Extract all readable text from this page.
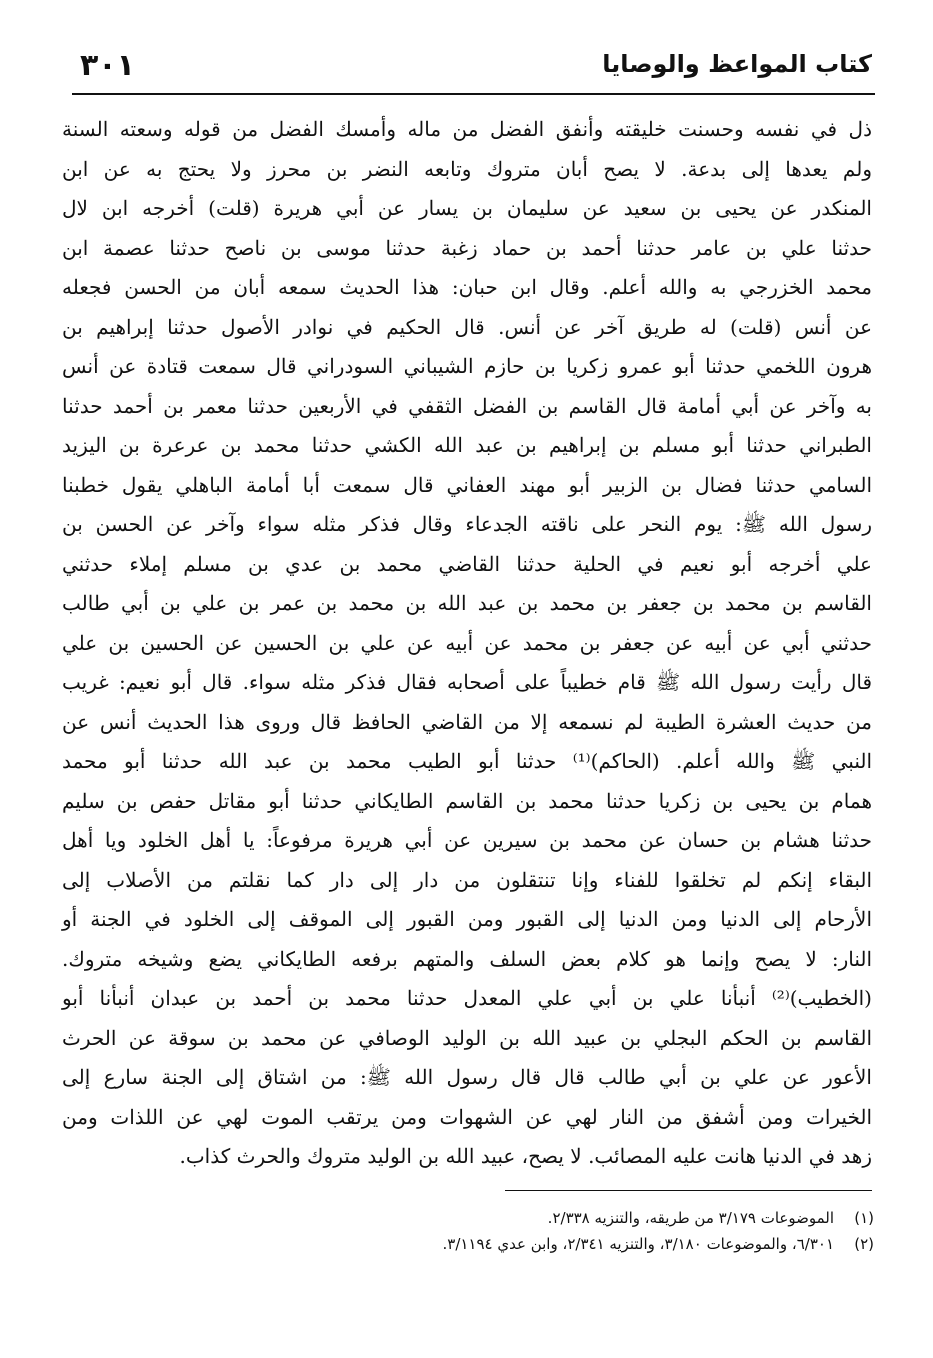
٣٠١	كتاب المواعظ والوصايا
ذل في نفسه وحسنت خليقته وأنفق الفضل من ماله وأمسك الفضل من قوله وسعته السنة
ولم يعدها إلى بدعة. لا يصح أبان متروك وتابعه النضر بن محرز ولا يحتج به عن ابن
المنكدر عن يحيى بن سعيد عن سليمان بن يسار عن أبي هريرة (قلت) أخرجه ابن لال
حدثنا علي بن عامر حدثنا أحمد بن حماد زغبة حدثنا موسى بن ناصح حدثنا عصمة ابن
محمد الخزرجي به والله أعلم. وقال ابن حبان: هذا الحديث سمعه أبان من الحسن فجعله
عن أنس (قلت) له طريق آخر عن أنس. قال الحكيم في نوادر الأصول حدثنا إبراهيم بن
هرون اللخمي حدثنا أبو عمرو زكريا بن حازم الشيباني السودراني قال سمعت قتادة عن أنس
به وآخر عن أبي أمامة قال القاسم بن الفضل الثقفي في الأربعين حدثنا معمر بن أحمد حدثنا
الطبراني حدثنا أبو مسلم بن إبراهيم بن عبد الله الكشي حدثنا محمد بن عرعرة بن اليزيد
السامي حدثنا فضال بن الزبير أبو مهند العفاني قال سمعت أبا أمامة الباهلي يقول خطبنا
رسول الله ﷺ: يوم النحر على ناقته الجدعاء وقال فذكر مثله سواء وآخر عن الحسن بن
علي أخرجه أبو نعيم في الحلية حدثنا القاضي محمد بن عدي بن مسلم إملاء حدثني
القاسم بن محمد بن جعفر بن محمد بن عبد الله بن محمد بن عمر بن علي بن أبي طالب
حدثني أبي عن أبيه عن جعفر بن محمد عن أبيه عن علي بن الحسين عن الحسين بن علي
قال رأيت رسول الله ﷺ قام خطيباً على أصحابه فقال فذكر مثله سواء. قال أبو نعيم: غريب
من حديث العشرة الطيبة لم نسمعه إلا من القاضي الحافظ قال وروى هذا الحديث أنس عن
النبي ﷺ والله أعلم. (الحاكم)⁽¹⁾ حدثنا أبو الطيب محمد بن عبد الله حدثنا أبو محمد
همام بن يحيى بن زكريا حدثنا محمد بن القاسم الطايكاني حدثنا أبو مقاتل حفص بن سليم
حدثنا هشام بن حسان عن محمد بن سيرين عن أبي هريرة مرفوعاً: يا أهل الخلود ويا أهل
البقاء إنكم لم تخلقوا للفناء وإنا تنتقلون من دار إلى دار كما نقلتم من الأصلاب إلى
الأرحام إلى الدنيا ومن الدنيا إلى القبور ومن القبور إلى الموقف إلى الخلود في الجنة أو
النار: لا يصح وإنما هو كلام بعض السلف والمتهم برفعه الطايكاني يضع وشيخه متروك.
(الخطيب)⁽²⁾ أنبأنا علي بن أبي علي المعدل حدثنا محمد بن أحمد بن عبدان أنبأنا أبو
القاسم بن الحكم البجلي بن عبيد الله بن الوليد الوصافي عن محمد بن سوقة عن الحرث
الأعور عن علي بن أبي طالب قال قال رسول الله ﷺ: من اشتاق إلى الجنة سارع إلى
الخيرات ومن أشفق من النار لهي عن الشهوات ومن يرتقب الموت لهي عن اللذات ومن
زهد في الدنيا هانت عليه المصائب. لا يصح، عبيد الله بن الوليد متروك والحرث كذاب.
(١)الموضوعات ٣/١٧٩ من طريقه، والتنزيه ٢/٣٣٨.
(٢)٦/٣٠١، والموضوعات ٣/١٨٠، والتنزيه ٢/٣٤١، وابن عدي ٣/١١٩٤.
